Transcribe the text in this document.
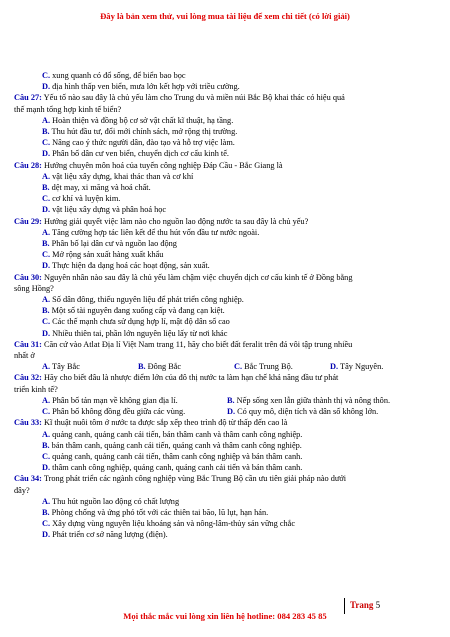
Đây là bản xem thử, vui lòng mua tài liệu để xem chi tiết (có lời giải)
C. xung quanh có đổ sống, để biển bao bọc
D. địa hình thấp ven biển, mưa lớn kết hợp với triều cường.
Câu 27: Yếu tố nào sau đây là chủ yếu làm cho Trung du và miền núi Bắc Bộ khai thác có hiệu quả
thế mạnh tổng hợp kinh tế biển?
A. Hoàn thiện và đồng bộ cơ sở vật chất kĩ thuật, hạ tầng.
B. Thu hút đầu tư, đổi mới chính sách, mở rộng thị trường.
C. Nâng cao ý thức người dân, đào tạo và hỗ trợ việc làm.
D. Phân bố dân cư ven biển, chuyển dịch cơ cấu kinh tế.
Câu 28: Hướng chuyên môn hoá của tuyến công nghiệp Đáp Cầu - Bắc Giang là
A. vật liệu xây dựng, khai thác than và cơ khí
B. dệt may, xi măng và hoá chất.
C. cơ khí và luyện kim.
D. vật liệu xây dựng và phân hoá học
Câu 29: Hướng giải quyết việc làm nào cho nguồn lao động nước ta sau đây là chủ yếu?
A. Tăng cường hợp tác liên kết để thu hút vốn đầu tư nước ngoài.
B. Phân bố lại dân cư và nguồn lao động
C. Mở rộng sản xuất hàng xuất khẩu
D. Thực hiện đa dạng hoá các hoạt động, sản xuất.
Câu 30: Nguyên nhân nào sau đây là chủ yếu làm chậm việc chuyển dịch cơ cấu kinh tế ở Đồng bằng
sông Hồng?
A. Số dân đông, thiếu nguyên liệu để phát triển công nghiệp.
B. Một số tài nguyên đang xuống cấp và đang cạn kiệt.
C. Các thế mạnh chưa sử dụng hợp lí, mật độ dân số cao
D. Nhiều thiên tai, phần lớn nguyên liệu lấy từ nơi khác
Câu 31: Căn cứ vào Atlat Địa lí Việt Nam trang 11, hãy cho biết đất feralit trên đá vôi tập trung nhiều
nhất ở
A. Tây Bắc	B. Đông Bắc	C. Bắc Trung Bộ.	D. Tây Nguyên.
Câu 32: Hãy cho biết đâu là nhược điểm lớn của đô thị nước ta làm hạn chế khả năng đầu tư phát
triển kinh tế?
A. Phân bố tản mạn về không gian địa lí.	B. Nếp sống xen lẫn giữa thành thị và nông thôn.
C. Phân bố không đồng đều giữa các vùng.	D. Có quy mô, diện tích và dân số không lớn.
Câu 33: Kĩ thuật nuôi tôm ở nước ta được sắp xếp theo trình độ từ thấp đến cao là
A. quảng canh, quảng canh cải tiến, bán thâm canh và thâm canh công nghiệp.
B. bán thâm canh, quảng canh cải tiến, quảng canh và thâm canh công nghiệp.
C. quảng canh, quảng canh cải tiến, thâm canh công nghiệp và bán thâm canh.
D. thâm canh công nghiệp, quảng canh, quảng canh cải tiến và bán thâm canh.
Câu 34: Trong phát triển các ngành công nghiệp vùng Bắc Trung Bộ cần ưu tiên giải pháp nào dưới
đây?
A. Thu hút nguồn lao động có chất lượng
B. Phòng chống và ứng phó tốt với các thiên tai bão, lũ lụt, hạn hán.
C. Xây dựng vùng nguyên liệu khoáng sản và nông-lâm-thủy sản vững chắc
D. Phát triển cơ sở năng lượng (điện).
Trang 5
Mọi thắc mắc vui lòng xin liên hệ hotline: 084 283 45 85
